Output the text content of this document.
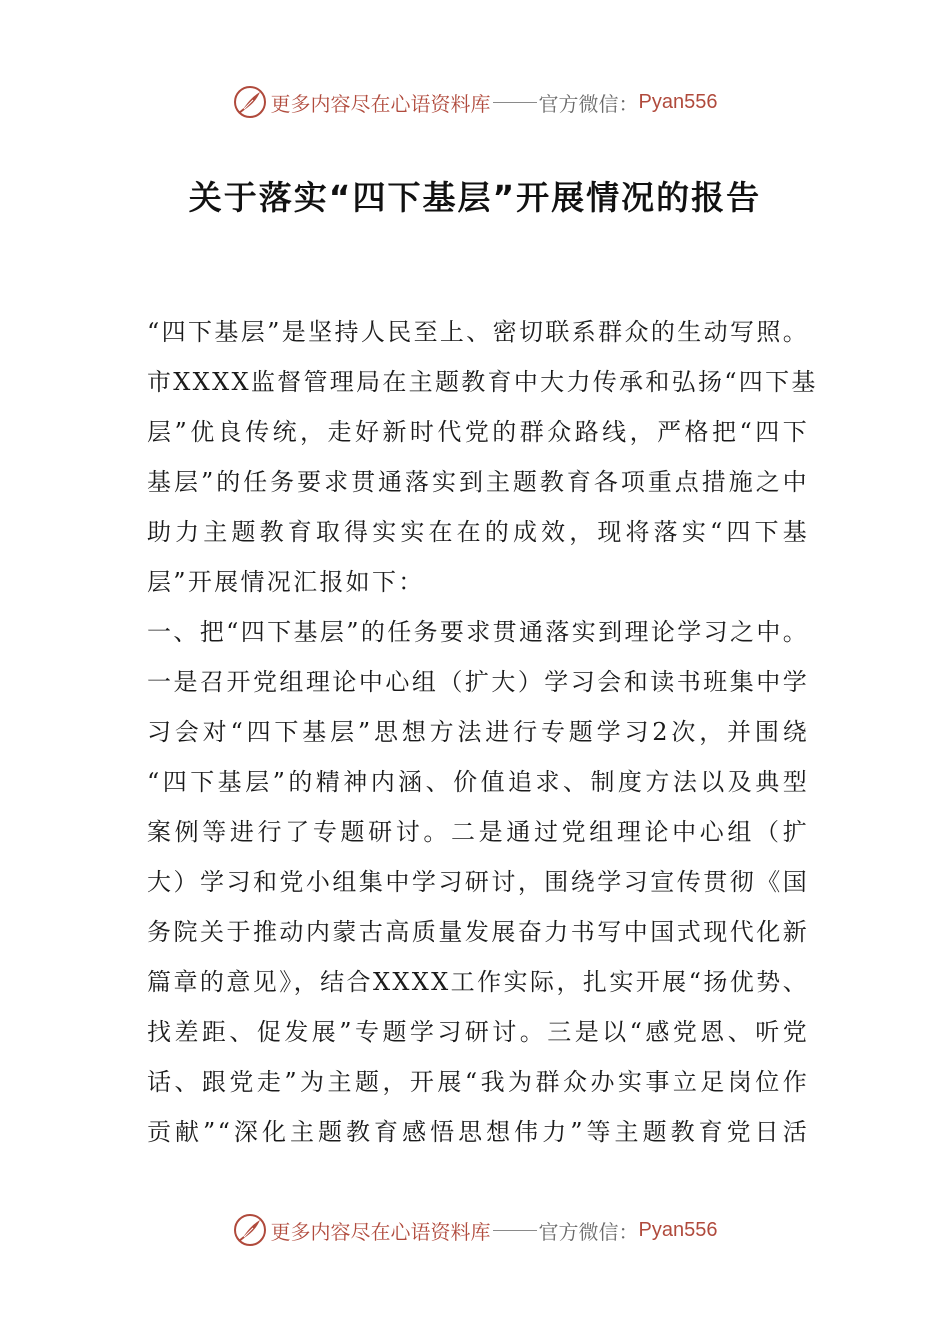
更多内容尽在心语资料库 官方微信： Pyan556
关于落实“四下基层”开展情况的报告
“四下基层”是坚持人民至上、密切联系群众的生动写照。
市XXXX监督管理局在主题教育中大力传承和弘扬“四下基
层”优良传统，走好新时代党的群众路线，严格把“四下
基层”的任务要求贯通落实到主题教育各项重点措施之中
助力主题教育取得实实在在的成效，现将落实“四下基
层”开展情况汇报如下：
一、把“四下基层”的任务要求贯通落实到理论学习之中。
一是召开党组理论中心组（扩大）学习会和读书班集中学
习会对“四下基层”思想方法进行专题学习2次，并围绕
“四下基层”的精神内涵、价值追求、制度方法以及典型
案例等进行了专题研讨。二是通过党组理论中心组（扩
大）学习和党小组集中学习研讨，围绕学习宣传贯彻《国
务院关于推动内蒙古高质量发展奋力书写中国式现代化新
篇章的意见》，结合XXXX工作实际，扎实开展“扬优势、
找差距、促发展”专题学习研讨。三是以“感党恩、听党
话、跟党走”为主题，开展“我为群众办实事立足岗位作
贡献”“深化主题教育感悟思想伟力”等主题教育党日活
更多内容尽在心语资料库 官方微信： Pyan556
